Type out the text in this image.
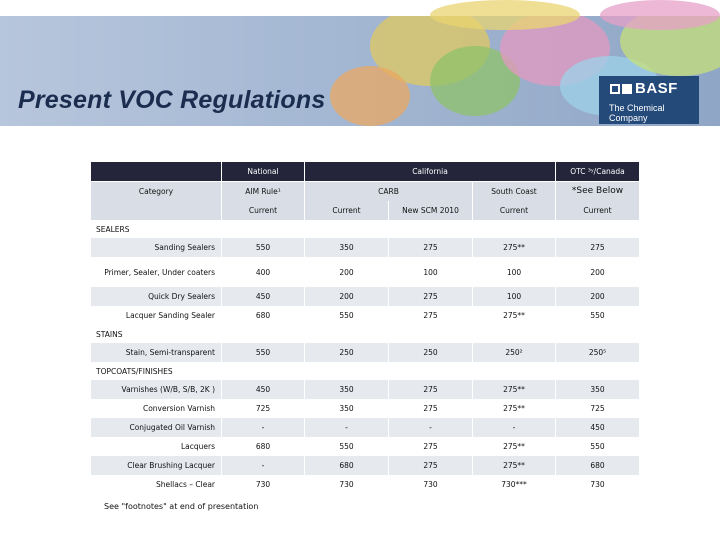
Present VOC Regulations	BASF
The Chemical Company
National	California	OTC ³ʸ/Canada
Category	AIM Rule¹	CARB	South Coast	*See Below
Current	Current	New SCM 2010	Current	Current
SEALERS
Sanding Sealers	550	350	275	275**	275
Primer, Sealer, Under coaters	400	200	100	100	200
Quick Dry Sealers	450	200	275	100	200
Lacquer Sanding Sealer	680	550	275	275**	550
STAINS
Stain, Semi-transparent	550	250	250	250²	250⁵
TOPCOATS/FINISHES
Varnishes (W/B, S/B, 2K )	450	350	275	275**	350
Conversion Varnish	725	350	275	275**	725
Conjugated Oil Varnish	-	-	-	-	450
Lacquers	680	550	275	275**	550
Clear Brushing Lacquer	-	680	275	275**	680
Shellacs – Clear	730	730	730	730***	730
See "footnotes" at end of presentation
